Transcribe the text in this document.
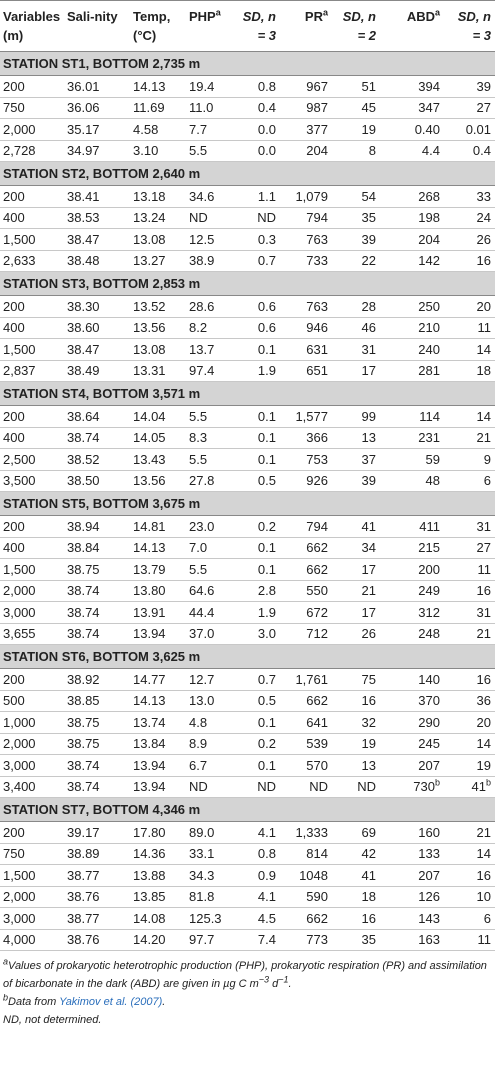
Variables (m)	Sali-nity	Temp, (°C)	PHP$^a$	SD, n = 3	$PR^a$	SD, n = 2	ABD$^a$	SD, n = 3
STATION ST1, BOTTOM 2,735 m								
200	36.01	14.13	19.4	0.8	967	51	394	39
750	36.06	11.69	11.0	0.4	987	45	347	27
2,000	35.17	4.58	7.7	0.0	377	19	0.40	0.01
2,728	34.97	3.10	5.5	0.0	204	8	4.4	0.4
STATION ST2, BOTTOM 2,640 m								
200	38.41	13.18	34.6	1.1	1,079	54	268	33
400	38.53	13.24	ND	ND	794	35	198	24
1,500	38.47	13.08	12.5	0.3	763	39	204	26
2,633	38.48	13.27	38.9	0.7	733	22	142	16
STATION ST3, BOTTOM 2,853 m								
200	38.30	13.52	28.6	0.6	763	28	250	20
400	38.60	13.56	8.2	0.6	946	46	210	11
1,500	38.47	13.08	13.7	0.1	631	31	240	14
2,837	38.49	13.31	97.4	1.9	651	17	281	18
STATION ST4, BOTTOM 3,571 m								
200	38.64	14.04	5.5	0.1	1,577	99	114	14
400	38.74	14.05	8.3	0.1	366	13	231	21
2,500	38.52	13.43	5.5	0.1	753	37	59	9
3,500	38.50	13.56	27.8	0.5	926	39	48	6
STATION ST5, BOTTOM 3,675 m								
200	38.94	14.81	23.0	0.2	794	41	411	31
400	38.84	14.13	7.0	0.1	662	34	215	27
1,500	38.75	13.79	5.5	0.1	662	17	200	11
2,000	38.74	13.80	64.6	2.8	550	21	249	16
3,000	38.74	13.91	44.4	1.9	672	17	312	31
3,655	38.74	13.94	37.0	3.0	712	26	248	21
STATION ST6, BOTTOM 3,625 m								
200	38.92	14.77	12.7	0.7	1,761	75	140	16
500	38.85	14.13	13.0	0.5	662	16	370	36
1,000	38.75	13.74	4.8	0.1	641	32	290	20
2,000	38.75	13.84	8.9	0.2	539	19	245	14
3,000	38.74	13.94	6.7	0.1	570	13	207	19
3,400	38.74	13.94	ND	ND	ND	ND	730$^b$	41$^b$
STATION ST7, BOTTOM 4,346 m								
200	39.17	17.80	89.0	4.1	1,333	69	160	21
750	38.89	14.36	33.1	0.8	814	42	133	14
1,500	38.77	13.88	34.3	0.9	1048	41	207	16
2,000	38.76	13.85	81.8	4.1	590	18	126	10
3,000	38.77	14.08	125.3	4.5	662	16	143	6
4,000	38.76	14.20	97.7	7.4	773	35	163	11
$^a$Values of prokaryotic heterotrophic production (PHP), prokaryotic respiration (PR) and assimilation of bicarbonate in the dark (ABD) are given in µg C $m^{-3}$ $d^{-1}$.
$^b$Data from Yakimov et al. (2007).
ND, not determined.
